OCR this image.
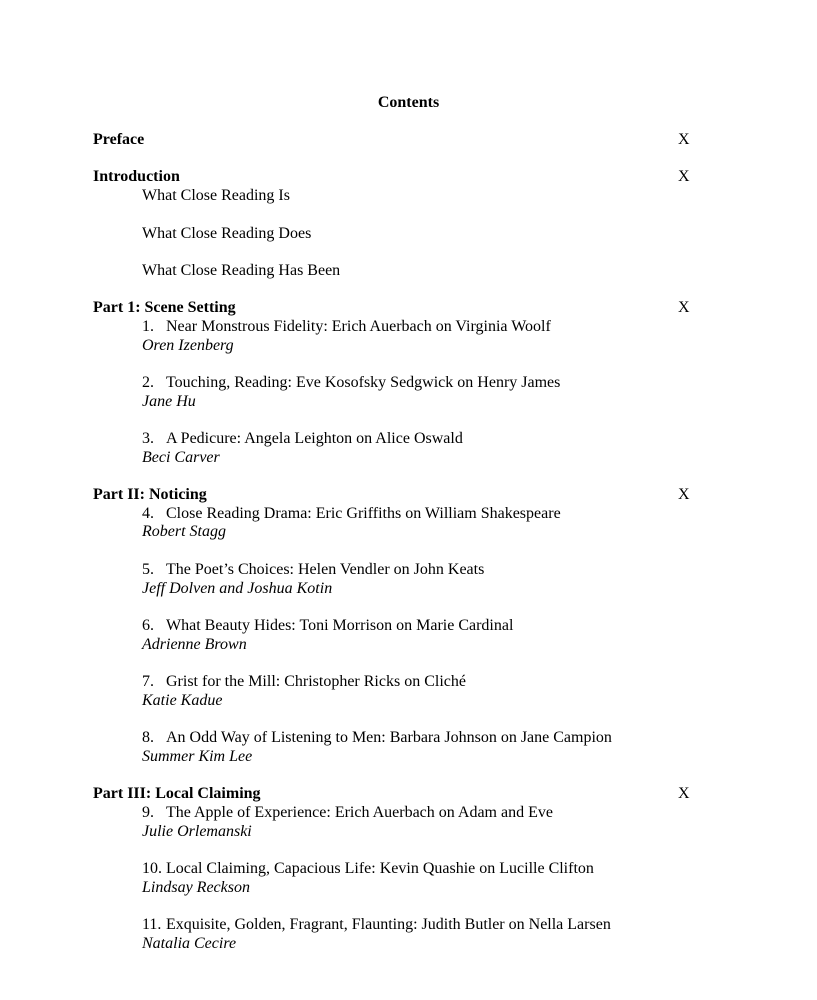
Contents
Preface	X
Introduction	X
What Close Reading Is
What Close Reading Does
What Close Reading Has Been
Part 1: Scene Setting	X
1. Near Monstrous Fidelity: Erich Auerbach on Virginia Woolf
Oren Izenberg
2. Touching, Reading: Eve Kosofsky Sedgwick on Henry James
Jane Hu
3. A Pedicure: Angela Leighton on Alice Oswald
Beci Carver
Part II: Noticing	X
4. Close Reading Drama: Eric Griffiths on William Shakespeare
Robert Stagg
5. The Poet’s Choices: Helen Vendler on John Keats
Jeff Dolven and Joshua Kotin
6. What Beauty Hides: Toni Morrison on Marie Cardinal
Adrienne Brown
7. Grist for the Mill: Christopher Ricks on Cliché
Katie Kadue
8. An Odd Way of Listening to Men: Barbara Johnson on Jane Campion
Summer Kim Lee
Part III: Local Claiming	X
9. The Apple of Experience: Erich Auerbach on Adam and Eve
Julie Orlemanski
10. Local Claiming, Capacious Life: Kevin Quashie on Lucille Clifton
Lindsay Reckson
11. Exquisite, Golden, Fragrant, Flaunting: Judith Butler on Nella Larsen
Natalia Cecire
